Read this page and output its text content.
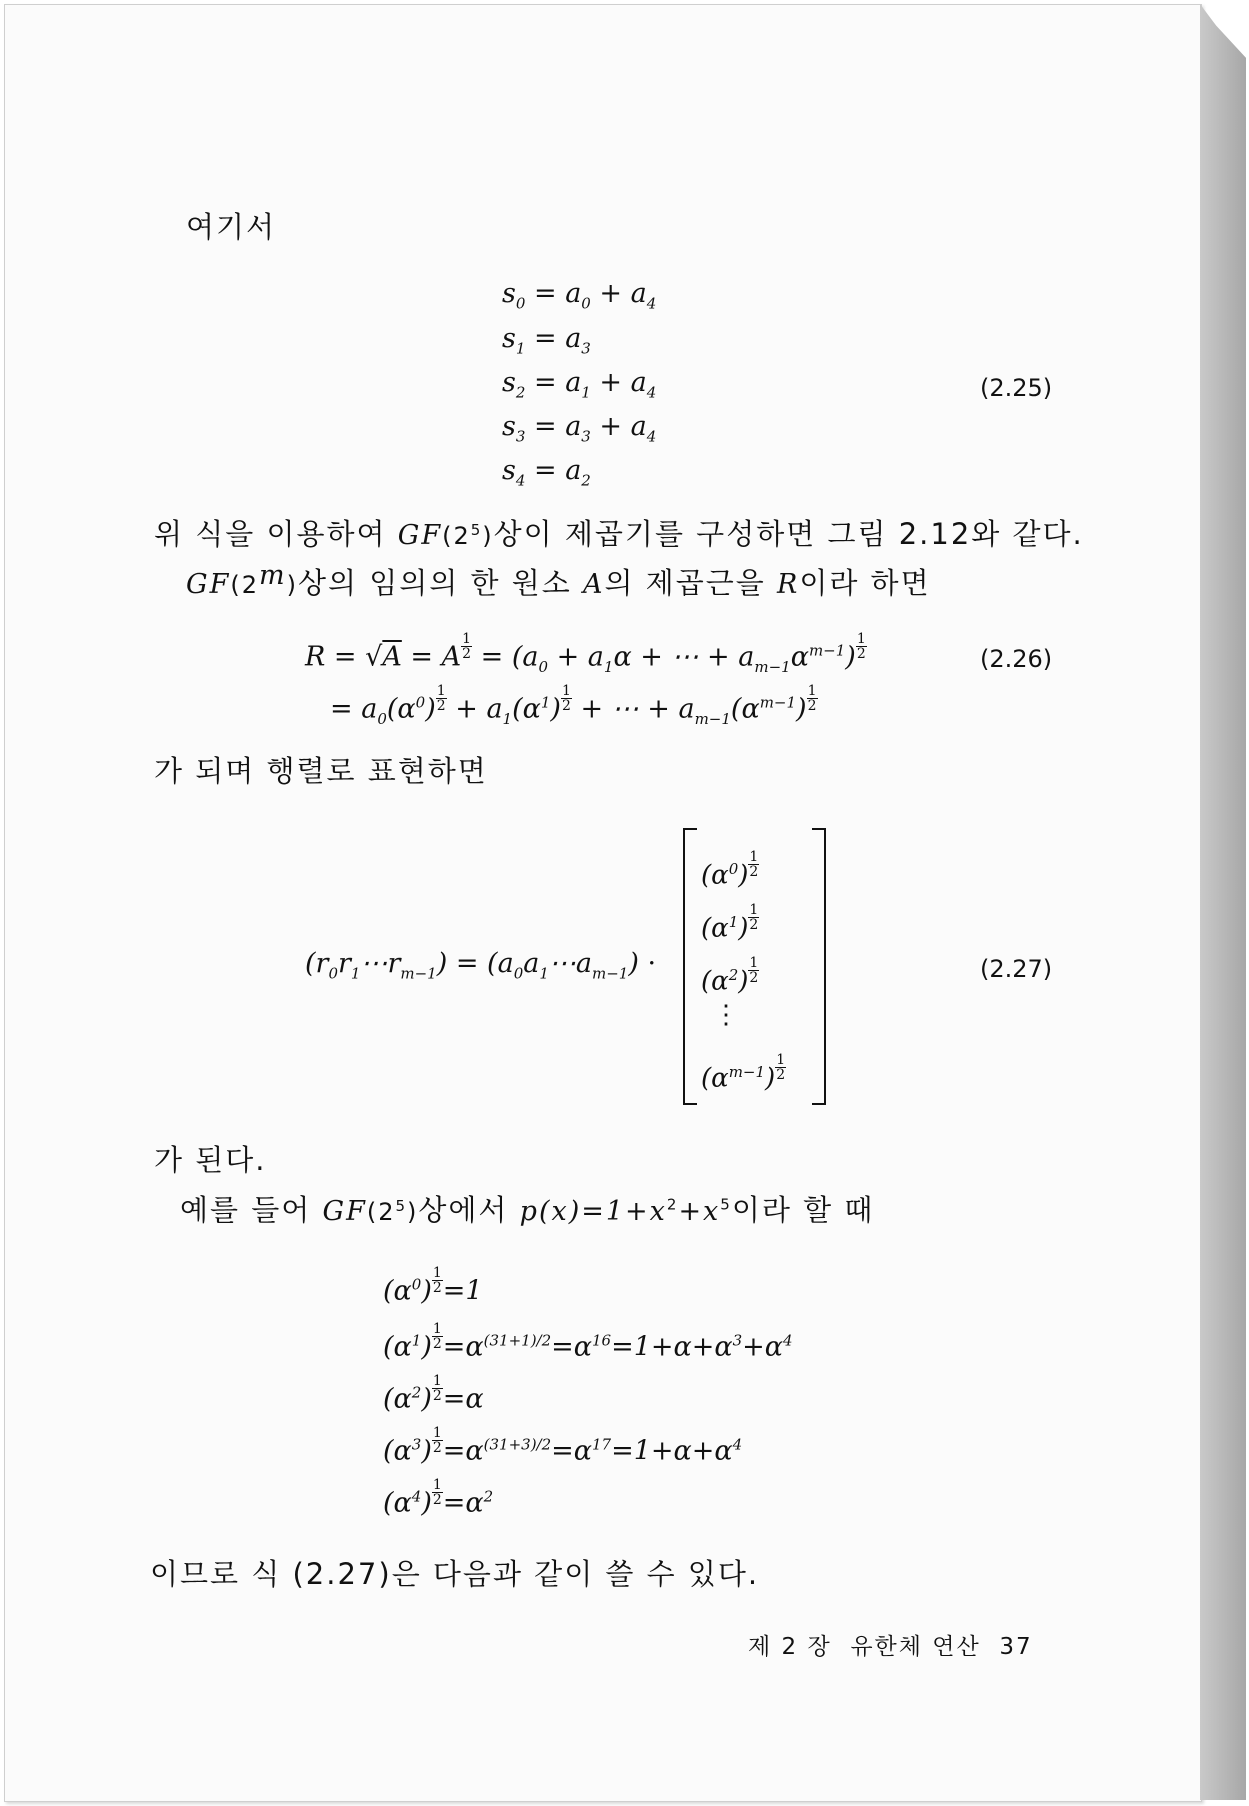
여기서
$s_0 = a_0 + a_4$
$s_1 = a_3$
$s_2 = a_1 + a_4$
$s_3 = a_3 + a_4$
$s_4 = a_2$
(2.25)
위 식을 이용하여 $GF(2^5)$상이 제곱기를 구성하면 그림 2.12와 같다.
GF(2$^m$)상의 임의의 한 원소 A의 제곱근을 R이라 하면
R = √A = A $\frac{1}{2} = (a_0 + a_1\alpha$ + ⋯ + $a_{m-1}\alpha^{m-1}) \frac{1}{2}$
= $a_0(\alpha^0) \frac{1}{2} + a_1(\alpha^1) \frac{1}{2}$ + ⋯ + $a_{m-1}(\alpha^{m-1}) \frac{1}{2}$
(2.26)
가 되며 행렬로 표현하면
$(r_0r_1\cdots r_{m-1})$ = $(a_0a_1\cdots a_{m-1})$ ·
$(\alpha^0) \frac{1}{2}$
$(\alpha^1) \frac{1}{2}$
$(\alpha^2) \frac{1}{2}$
⋮
$(\alpha^{m-1}) \frac{1}{2}$
(2.27)
가 된다.
예를 들어 $GF(2^5)$상에서 $p(x)=1+x^2+x^5$이라 할 때
$(\alpha^0) \frac{1}{2} =1$
$(\alpha^1) \frac{1}{2} =\alpha^{(31+1)/2}=\alpha^{16}=1+\alpha+\alpha^3+\alpha^4$
$(\alpha^2) \frac{1}{2} =\alpha$
$(\alpha^3) \frac{1}{2} =\alpha^{(31+3)/2}=\alpha^{17}=1+\alpha+\alpha^4$
$(\alpha^4) \frac{1}{2} =\alpha^2$
이므로 식 (2.27)은 다음과 같이 쓸 수 있다.
제 2 장 유한체 연산 37
